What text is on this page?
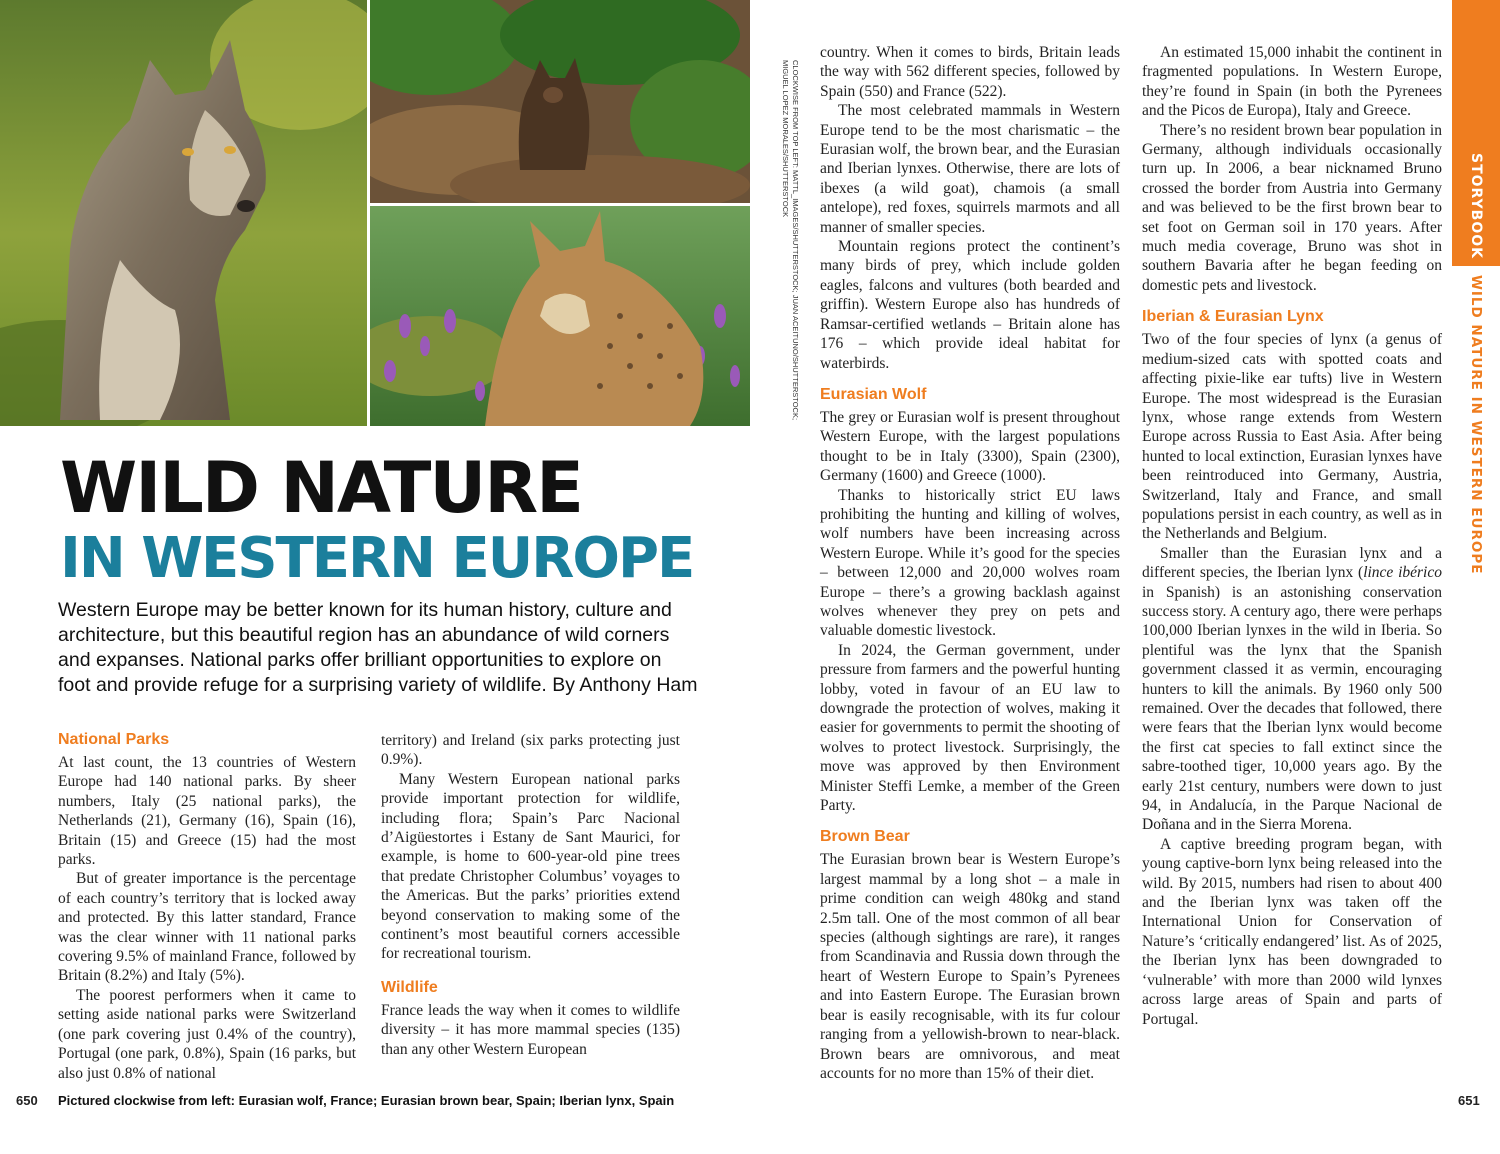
CLOCKWISE FROM TOP LEFT: MATTL_IMAGES/SHUTTERSTOCK; JUAN ACEITUNO/SHUTTERSTOCK;
MIGUEL LOPEZ MORALES/SHUTTERSTOCK
WILD NATURE
IN WESTERN EUROPE
Western Europe may be better known for its human history, culture and architecture, but this beautiful region has an abundance of wild corners and expanses. National parks offer brilliant opportunities to explore on foot and provide refuge for a surprising variety of wildlife. By Anthony Ham
National Parks

At last count, the 13 countries of Western Europe had 140 national parks. By sheer numbers, Italy (25 national parks), the Netherlands (21), Germany (16), Spain (16), Britain (15) and Greece (15) had the most parks.

But of greater importance is the percentage of each country’s territory that is locked away and protected. By this latter standard, France was the clear winner with 11 national parks covering 9.5% of mainland France, followed by Britain (8.2%) and Italy (5%).

The poorest performers when it came to setting aside national parks were Switzerland (one park covering just 0.4% of the country), Portugal (one park, 0.8%), Spain (16 parks, but also just 0.8% of national

territory) and Ireland (six parks protecting just 0.9%).

Many Western European national parks provide important protection for wildlife, including flora; Spain’s Parc Nacional d’Aigüestortes i Estany de Sant Maurici, for example, is home to 600-year-old pine trees that predate Christopher Columbus’ voyages to the Americas. But the parks’ priorities extend beyond conservation to making some of the continent’s most beautiful corners accessible for recreational tourism.

Wildlife

France leads the way when it comes to wildlife diversity – it has more mammal species (135) than any other Western European

country. When it comes to birds, Britain leads the way with 562 different species, followed by Spain (550) and France (522).

The most celebrated mammals in Western Europe tend to be the most charismatic – the Eurasian wolf, the brown bear, and the Eurasian and Iberian lynxes. Otherwise, there are lots of ibexes (a wild goat), chamois (a small antelope), red foxes, squirrels marmots and all manner of smaller species.

Mountain regions protect the continent’s many birds of prey, which include golden eagles, falcons and vultures (both bearded and griffin). Western Europe also has hundreds of Ramsar-certified wetlands – Britain alone has 176 – which provide ideal habitat for waterbirds.

Eurasian Wolf

The grey or Eurasian wolf is present throughout Western Europe, with the largest populations thought to be in Italy (3300), Spain (2300), Germany (1600) and Greece (1000).

Thanks to historically strict EU laws prohibiting the hunting and killing of wolves, wolf numbers have been increasing across Western Europe. While it’s good for the species – between 12,000 and 20,000 wolves roam Europe – there’s a growing backlash against wolves whenever they prey on pets and valuable domestic livestock.

In 2024, the German government, under pressure from farmers and the powerful hunting lobby, voted in favour of an EU law to downgrade the protection of wolves, making it easier for governments to permit the shooting of wolves to protect livestock. Surprisingly, the move was approved by then Environment Minister Steffi Lemke, a member of the Green Party.

Brown Bear

The Eurasian brown bear is Western Europe’s largest mammal by a long shot – a male in prime condition can weigh 480kg and stand 2.5m tall. One of the most common of all bear species (although sightings are rare), it ranges from Scandinavia and Russia down through the heart of Western Europe to Spain’s Pyrenees and into Eastern Europe. The Eurasian brown bear is easily recognisable, with its fur colour ranging from a yellowish-brown to near-black. Brown bears are omnivorous, and meat accounts for no more than 15% of their diet.

An estimated 15,000 inhabit the continent in fragmented populations. In Western Europe, they’re found in Spain (in both the Pyrenees and the Picos de Europa), Italy and Greece.

There’s no resident brown bear population in Germany, although individuals occasionally turn up. In 2006, a bear nicknamed Bruno crossed the border from Austria into Germany and was believed to be the first brown bear to set foot on German soil in 170 years. After much media coverage, Bruno was shot in southern Bavaria after he began feeding on domestic pets and livestock.

Iberian & Eurasian Lynx

Two of the four species of lynx (a genus of medium-sized cats with spotted coats and affecting pixie-like ear tufts) live in Western Europe. The most widespread is the Eurasian lynx, whose range extends from Western Europe across Russia to East Asia. After being hunted to local extinction, Eurasian lynxes have been reintroduced into Germany, Austria, Switzerland, Italy and France, and small populations persist in each country, as well as in the Netherlands and Belgium.

Smaller than the Eurasian lynx and a different species, the Iberian lynx (lince ibérico in Spanish) is an astonishing conservation success story. A century ago, there were perhaps 100,000 Iberian lynxes in the wild in Iberia. So plentiful was the lynx that the Spanish government classed it as vermin, encouraging hunters to kill the animals. By 1960 only 500 remained. Over the decades that followed, there were fears that the Iberian lynx would become the first cat species to fall extinct since the sabre-toothed tiger, 10,000 years ago. By the early 21st century, numbers were down to just 94, in Andalucía, in the Parque Nacional de Doñana and in the Sierra Morena.

A captive breeding program began, with young captive-born lynx being released into the wild. By 2015, numbers had risen to about 400 and the Iberian lynx was taken off the International Union for Conservation of Nature’s ‘critically endangered’ list. As of 2025, the Iberian lynx has been downgraded to ‘vulnerable’ with more than 2000 wild lynxes across large areas of Spain and parts of Portugal.

STORYBOOK
WILD NATURE IN WESTERN EUROPE
650 Pictured clockwise from left: Eurasian wolf, France; Eurasian brown bear, Spain; Iberian lynx, Spain	651
